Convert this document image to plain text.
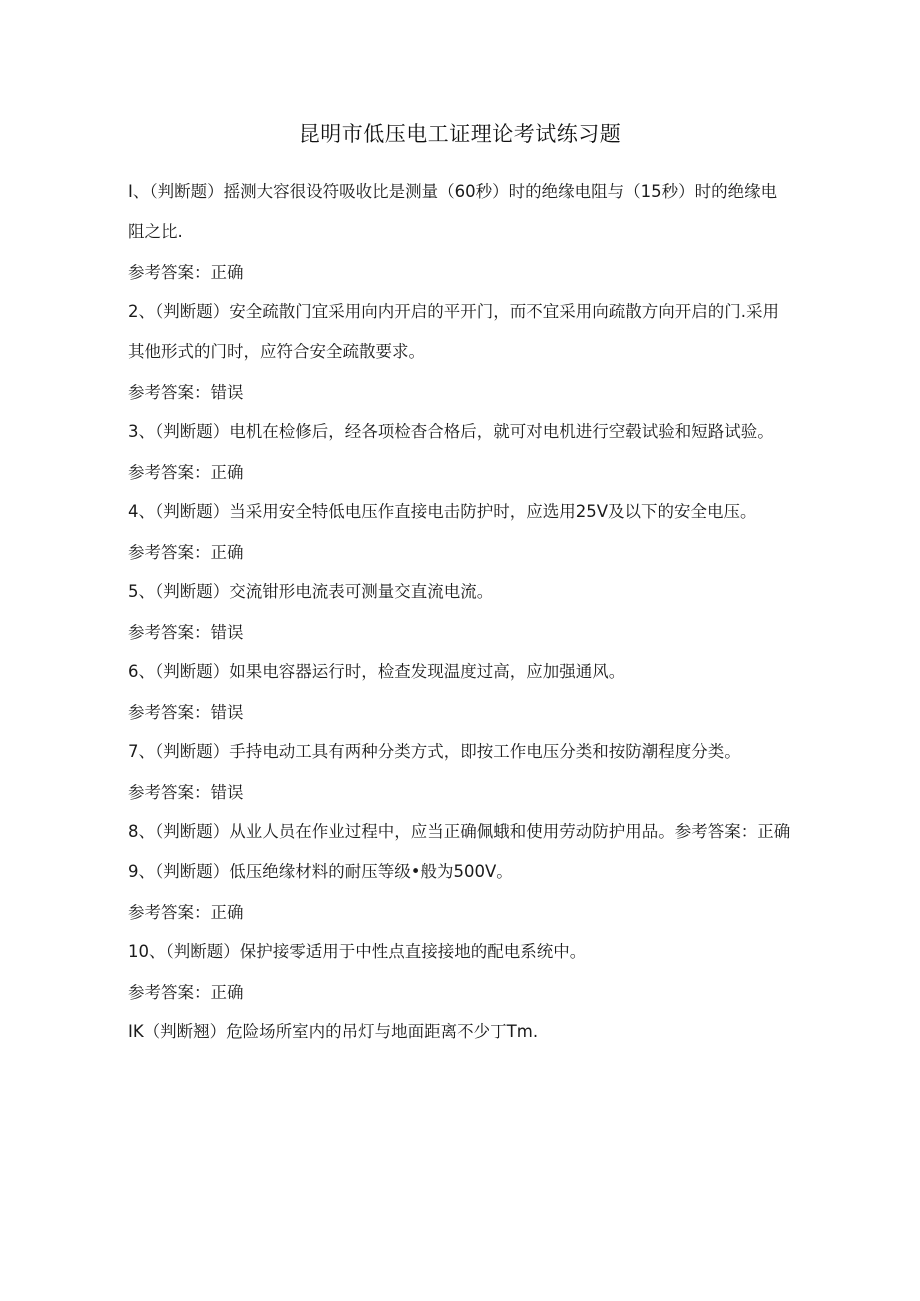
昆明市低压电工证理论考试练习题

I、（判断题）摇测大容很设符吸收比是测量（60秒）时的绝缘电阻与（15秒）时的绝缘电阻之比.

参考答案：正确

2、（判断题）安全疏散门宜采用向内开启的平开门，而不宜采用向疏散方向开启的门.采用其他形式的门时，应符合安全疏散要求。

参考答案：错误

3、（判断题）电机在检修后，经各项检杳合格后，就可对电机进行空毂试验和短路试验。

参考答案：正确

4、（判断题）当采用安全特低电压作直接电击防护时，应选用25V及以下的安全电压。

参考答案：正确

5、（判断题）交流钳形电流表可测量交直流电流。

参考答案：错误

6、（判断题）如果电容器运行时，检查发现温度过高，应加强通风。

参考答案：错误

7、（判断题）手持电动工具有两种分类方式，即按工作电压分类和按防潮程度分类。

参考答案：错误

8、（判断题）从业人员在作业过程中，应当正确佩蛾和使用劳动防护用品。参考答案：正确

9、（判断题）低压绝缘材料的耐压等级•般为500V。

参考答案：正确

10、（判断题）保护接零适用于中性点直接接地的配电系统中。

参考答案：正确

IK（判断翘）危险场所室内的吊灯与地面距离不少丁Tm.
